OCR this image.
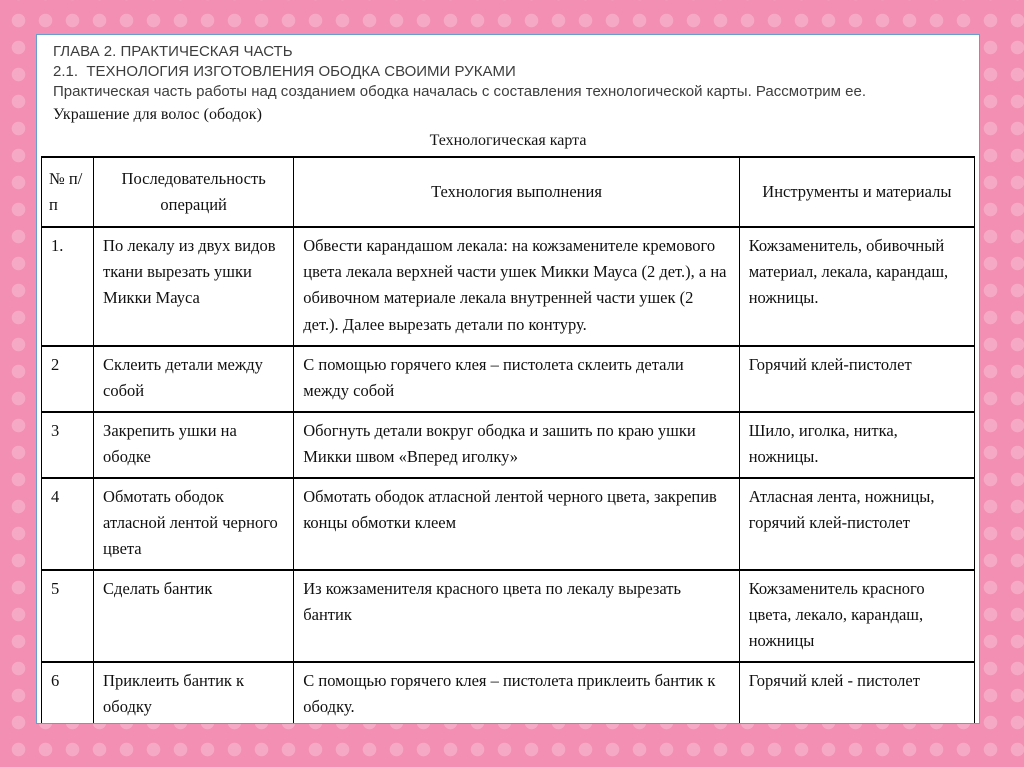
ГЛАВА 2. ПРАКТИЧЕСКАЯ ЧАСТЬ
2.1.  ТЕХНОЛОГИЯ ИЗГОТОВЛЕНИЯ ОБОДКА СВОИМИ РУКАМИ
Практическая часть работы над созданием ободка началась с составления технологической карты. Рассмотрим ее.
Украшение для волос (ободок)
Технологическая карта
№ п/п	Последовательность операций	Технология выполнения	Инструменты и материалы
1.	По лекалу из двух видов ткани вырезать ушки Микки Мауса	Обвести карандашом лекала: на кожзаменителе кремового цвета лекала верхней части ушек Микки Мауса (2 дет.), а на обивочном материале лекала внутренней части ушек (2 дет.). Далее вырезать детали по контуру.	Кожзаменитель, обивочный материал, лекала, карандаш, ножницы.
2	Склеить детали между собой	С помощью горячего клея – пистолета склеить детали между собой	Горячий клей-пистолет
3	Закрепить ушки на ободке	Обогнуть детали вокруг ободка и зашить по краю ушки Микки швом «Вперед иголку»	Шило, иголка, нитка, ножницы.
4	Обмотать ободок атласной лентой черного цвета	Обмотать ободок атласной лентой черного цвета, закрепив концы обмотки клеем	Атласная лента, ножницы, горячий клей-пистолет
5	Сделать бантик	Из кожзаменителя красного цвета по лекалу вырезать бантик	Кожзаменитель красного цвета, лекало, карандаш, ножницы
6	Приклеить бантик к ободку	С помощью горячего клея – пистолета приклеить бантик к ободку.	Горячий клей - пистолет
